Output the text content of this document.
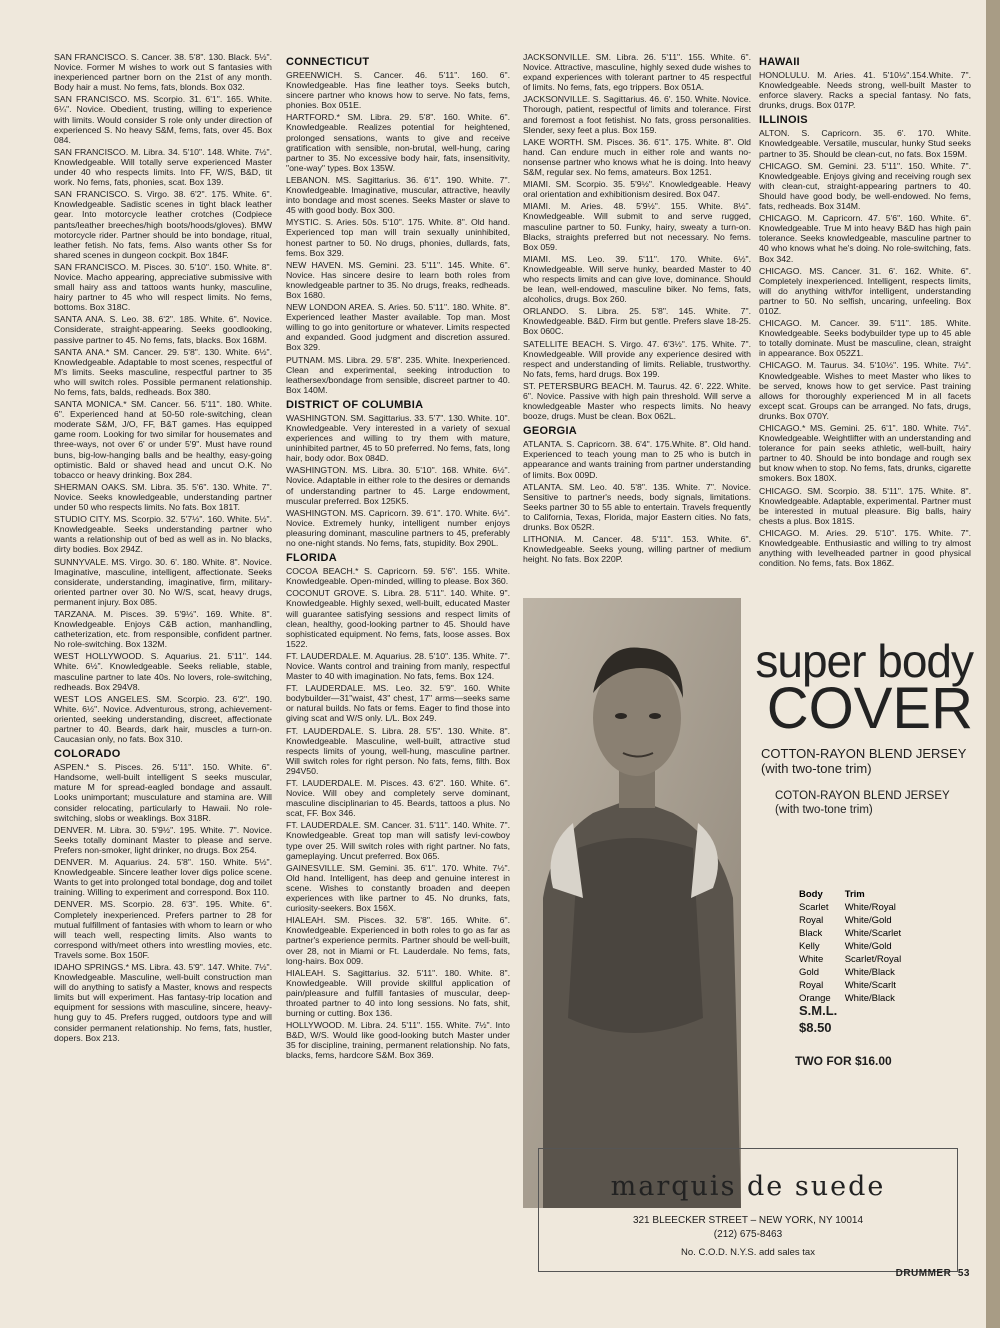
SAN FRANCISCO. S. Cancer. 38. 5'8". 130. Black. 5½". Novice. Former M wishes to work out S fantasies with inexperienced partner born on the 21st of any month. Body hair a must. No fems, fats, blonds. Box 032.
SAN FRANCISCO. MS. Scorpio. 31. 6'1". 165. White. 6¼". Novice. Obedient, trusting, willing to experience with limits. Would consider S role only under direction of experienced S. No heavy S&M, fems, fats, over 45. Box 084.
SAN FRANCISCO. M. Libra. 34. 5'10". 148. White. 7½". Knowledgeable. Will totally serve experienced Master under 40 who respects limits. Into FF, W/S, B&D, tit work. No fems, fats, phonies, scat. Box 139.
SAN FRANCISCO. S. Virgo. 38. 6'2". 175. White. 6". Knowledgeable. Sadistic scenes in tight black leather gear. Into motorcycle leather crotches (Codpiece pants/leather breeches/high boots/hoods/gloves). BMW motorcycle rider. Partner should be into bondage, ritual, leather fetish. No fats, fems. Also wants other Ss for shared scenes in dungeon cockpit. Box 184F.
SAN FRANCISCO. M. Pisces. 30. 5'10". 150. White. 8". Novice. Macho appearing, appreciative submissive with small hairy ass and tattoos wants hunky, masculine, hairy partner to 45 who will respect limits. No fems, bottoms. Box 318C.
SANTA ANA. S. Leo. 38. 6'2". 185. White. 6". Novice. Considerate, straight-appearing. Seeks goodlooking, passive partner to 45. No fems, fats, blacks. Box 168M.
SANTA ANA.* SM. Cancer. 29. 5'8". 130. White. 6½". Knowledgeable. Adaptable to most scenes, respectful of M's limits. Seeks masculine, respectful partner to 35 who will switch roles. Possible permanent relationship. No fems, fats, balds, redheads. Box 380.
SANTA MONICA.* SM. Cancer. 56. 5'11". 180. White. 6". Experienced hand at 50-50 role-switching, clean moderate S&M, J/O, FF, B&T games. Has equipped game room. Looking for two similar for housemates and three-ways, not over 6' or under 5'9". Must have round buns, big-low-hanging balls and be healthy, easy-going optimistic. Bald or shaved head and uncut O.K. No tobacco or heavy drinking. Box 284.
SHERMAN OAKS. SM. Libra. 35. 5'6". 130. White. 7". Novice. Seeks knowledgeable, understanding partner under 50 who respects limits. No fats. Box 181T.
STUDIO CITY. MS. Scorpio. 32. 5'7½". 160. White. 5½". Knowledgeable. Seeks understanding partner who wants a relationship out of bed as well as in. No blacks, dirty bodies. Box 294Z.
SUNNYVALE. MS. Virgo. 30. 6'. 180. White. 8". Novice. Imaginative, masculine, intelligent, affectionate. Seeks considerate, understanding, imaginative, firm, military-oriented partner over 30. No W/S, scat, heavy drugs, permanent injury. Box 085.
TARZANA. M. Pisces. 39. 5'9½". 169. White. 8". Knowledgeable. Enjoys C&B action, manhandling, catheterization, etc. from responsible, confident partner. No role-switching. Box 132M.
WEST HOLLYWOOD. S. Aquarius. 21. 5'11". 144. White. 6½". Knowledgeable. Seeks reliable, stable, masculine partner to late 40s. No lovers, role-switching, redheads. Box 294V8.
WEST LOS ANGELES. SM. Scorpio. 23. 6'2". 190. White. 6½". Novice. Adventurous, strong, achievement-oriented, seeking understanding, discreet, affectionate partner to 40. Beards, dark hair, muscles a turn-on. Caucasian only, no fats. Box 310.
COLORADO
ASPEN.* S. Pisces. 26. 5'11". 150. White. 6". Handsome, well-built intelligent S seeks muscular, mature M for spread-eagled bondage and assault. Looks unimportant; musculature and stamina are. Will consider relocating, particularly to Hawaii. No role-switching, slobs or weaklings. Box 318R.
DENVER. M. Libra. 30. 5'9½". 195. White. 7". Novice. Seeks totally dominant Master to please and serve. Prefers non-smoker, light drinker, no drugs. Box 254.
DENVER. M. Aquarius. 24. 5'8". 150. White. 5½". Knowledgeable. Sincere leather lover digs police scene. Wants to get into prolonged total bondage, dog and toilet training. Willing to experiment and correspond. Box 110.
DENVER. MS. Scorpio. 28. 6'3". 195. White. 6". Completely inexperienced. Prefers partner to 28 for mutual fulfillment of fantasies with whom to learn or who will teach well, respecting limits. Also wants to correspond with/meet others into wrestling movies, etc. Travels some. Box 150F.
IDAHO SPRINGS.* MS. Libra. 43. 5'9". 147. White. 7½". Knowledgeable. Masculine, well-built construction man will do anything to satisfy a Master, knows and respects limits but will experiment. Has fantasy-trip location and equipment for sessions with masculine, sincere, heavy-hung guy to 45. Prefers rugged, outdoors type and will consider permanent relationship. No fems, fats, hustler, dopers. Box 213.
CONNECTICUT
GREENWICH. S. Cancer. 46. 5'11". 160. 6". Knowledgeable. Has fine leather toys. Seeks butch, sincere partner who knows how to serve. No fats, fems, phonies. Box 051E.
HARTFORD.* SM. Libra. 29. 5'8". 160. White. 6". Knowledgeable. Realizes potential for heightened, prolonged sensations, wants to give and receive gratification with sensible, non-brutal, well-hung, caring partner to 35. No excessive body hair, fats, insensitivity, "one-way" types. Box 135W.
LEBANON. MS. Sagittarius. 36. 6'1". 190. White. 7". Knowledgeable. Imaginative, muscular, attractive, heavily into bondage and most scenes. Seeks Master or slave to 45 with good body. Box 300.
MYSTIC. S. Aries. 50s. 5'10". 175. White. 8". Old hand. Experienced top man will train sexually uninhibited, honest partner to 50. No drugs, phonies, dullards, fats, fems. Box 329.
NEW HAVEN. MS. Gemini. 23. 5'11". 145. White. 6". Novice. Has sincere desire to learn both roles from knowledgeable partner to 35. No drugs, freaks, redheads. Box 1680.
NEW LONDON AREA. S. Aries. 50. 5'11". 180. White. 8". Experienced leather Master available. Top man. Most willing to go into genitorture or whatever. Limits respected and expanded. Good judgment and discretion assured. Box 329.
PUTNAM. MS. Libra. 29. 5'8". 235. White. Inexperienced. Clean and experimental, seeking introduction to leathersex/bondage from sensible, discreet partner to 40. Box 140M.
DISTRICT OF COLUMBIA
WASHINGTON. SM. Sagittarius. 33. 5'7". 130. White. 10". Knowledgeable. Very interested in a variety of sexual experiences and willing to try them with mature, uninhibited partner, 45 to 50 preferred. No fems, fats, long hair, body odor. Box 084D.
WASHINGTON. MS. Libra. 30. 5'10". 168. White. 6½". Novice. Adaptable in either role to the desires or demands of understanding partner to 45. Large endowment, muscular preferred. Box 125K5.
WASHINGTON. MS. Capricorn. 39. 6'1". 170. White. 6½". Novice. Extremely hunky, intelligent number enjoys pleasuring dominant, masculine partners to 45, preferably no one-night stands. No fems, fats, stupidity. Box 290L.
FLORIDA
COCOA BEACH.* S. Capricorn. 59. 5'6". 155. White. Knowledgeable. Open-minded, willing to please. Box 360.
COCONUT GROVE. S. Libra. 28. 5'11". 140. White. 9". Knowledgeable. Highly sexed, well-built, educated Master will guarantee satisfying sessions and respect limits of clean, healthy, good-looking partner to 45. Should have sophisticated equipment. No fems, fats, loose asses. Box 1522.
FT. LAUDERDALE. M. Aquarius. 28. 5'10". 135. White. 7". Novice. Wants control and training from manly, respectful Master to 40 with imagination. No fats, fems. Box 124.
FT. LAUDERDALE. MS. Leo. 32. 5'9". 160. White bodybuilder—31"waist, 43" chest, 17" arms—seeks same or natural builds. No fats or fems. Eager to find those into giving scat and W/S only. L/L. Box 249.
FT. LAUDERDALE. S. Libra. 28. 5'5". 130. White. 8". Knowledgeable. Masculine, well-built, attractive stud respects limits of young, well-hung, masculine partner. Will switch roles for right person. No fats, fems, filth. Box 294V50.
FT. LAUDERDALE. M. Pisces. 43. 6'2". 160. White. 6". Novice. Will obey and completely serve dominant, masculine disciplinarian to 45. Beards, tattoos a plus. No scat, FF. Box 346.
FT. LAUDERDALE. SM. Cancer. 31. 5'11". 140. White. 7". Knowledgeable. Great top man will satisfy levi-cowboy type over 25. Will switch roles with right partner. No fats, gameplaying. Uncut preferred. Box 065.
GAINESVILLE. SM. Gemini. 35. 6'1". 170. White. 7½". Old hand. Intelligent, has deep and genuine interest in scene. Wishes to constantly broaden and deepen experiences with like partner to 45. No drunks, fats, curiosity-seekers. Box 156X.
HIALEAH. SM. Pisces. 32. 5'8". 165. White. 6". Knowledgeable. Experienced in both roles to go as far as partner's experience permits. Partner should be well-built, over 28, not in Miami or Ft. Lauderdale. No fems, fats, long-hairs. Box 009.
HIALEAH. S. Sagittarius. 32. 5'11". 180. White. 8". Knowledgeable. Will provide skillful application of pain/pleasure and fulfill fantasies of muscular, deep-throated partner to 40 into long sessions. No fats, shit, burning or cutting. Box 136.
HOLLYWOOD. M. Libra. 24. 5'11". 155. White. 7½". Into B&D, W/S. Would like good-looking butch Master under 35 for discipline, training, permanent relationship. No fats, blacks, fems, hardcore S&M. Box 369.
JACKSONVILLE. SM. Libra. 26. 5'11". 155. White. 6". Novice. Attractive, masculine, highly sexed dude wishes to expand experiences with tolerant partner to 45 respectful of limits. No fems, fats, ego trippers. Box 051A.
JACKSONVILLE. S. Sagittarius. 46. 6'. 150. White. Novice. Thorough, patient, respectful of limits and tolerance. First and foremost a foot fetishist. No fats, gross personalities. Slender, sexy feet a plus. Box 159.
LAKE WORTH. SM. Pisces. 36. 6'1". 175. White. 8". Old hand. Can endure much in either role and wants no-nonsense partner who knows what he is doing. Into heavy S&M, regular sex. No fems, amateurs. Box 1251.
MIAMI. SM. Scorpio. 35. 5'9½". Knowledgeable. Heavy oral orientation and exhibitionism desired. Box 047.
MIAMI. M. Aries. 48. 5'9½". 155. White. 8½". Knowledgeable. Will submit to and serve rugged, masculine partner to 50. Funky, hairy, sweaty a turn-on. Blacks, straights preferred but not necessary. No fems. Box 059.
MIAMI. MS. Leo. 39. 5'11". 170. White. 6½". Knowledgeable. Will serve hunky, bearded Master to 40 who respects limits and can give love, dominance. Should be lean, well-endowed, masculine biker. No fems, fats, alcoholics, drugs. Box 260.
ORLANDO. S. Libra. 25. 5'8". 145. White. 7". Knowledgeable. B&D. Firm but gentle. Prefers slave 18-25. Box 060C.
SATELLITE BEACH. S. Virgo. 47. 6'3½". 175. White. 7". Knowledgeable. Will provide any experience desired with respect and understanding of limits. Reliable, trustworthy. No fats, fems, hard drugs. Box 199.
ST. PETERSBURG BEACH. M. Taurus. 42. 6'. 222. White. 6". Novice. Passive with high pain threshold. Will serve a knowledgeable Master who respects limits. No heavy booze, drugs. Must be clean. Box 062L.
GEORGIA
ATLANTA. S. Capricorn. 38. 6'4". 175.White. 8". Old hand. Experienced to teach young man to 25 who is butch in appearance and wants training from partner understanding of limits. Box 009D.
ATLANTA. SM. Leo. 40. 5'8". 135. White. 7". Novice. Sensitive to partner's needs, body signals, limitations. Seeks partner 30 to 55 able to entertain. Travels frequently to California, Texas, Florida, major Eastern cities. No fats, drunks. Box 052R.
LITHONIA. M. Cancer. 48. 5'11". 153. White. 6". Knowledgeable. Seeks young, willing partner of medium height. No fats. Box 220P.
HAWAII
HONOLULU. M. Aries. 41. 5'10½".154.White. 7". Knowledgeable. Needs strong, well-built Master to enforce slavery. Racks a special fantasy. No fats, drunks, drugs. Box 017P.
ILLINOIS
ALTON. S. Capricorn. 35. 6'. 170. White. Knowledgeable. Versatile, muscular, hunky Stud seeks partner to 35. Should be clean-cut, no fats. Box 159M.
CHICAGO. SM. Gemini. 23. 5'11". 150. White. 7". Knowledgeable. Enjoys giving and receiving rough sex with clean-cut, straight-appearing partners to 40. Should have good body, be well-endowed. No fems, fats, redheads. Box 314M.
CHICAGO. M. Capricorn. 47. 5'6". 160. White. 6". Knowledgeable. True M into heavy B&D has high pain tolerance. Seeks knowledgeable, masculine partner to 40 who knows what he's doing. No role-switching, fats. Box 342.
CHICAGO. MS. Cancer. 31. 6'. 162. White. 6". Completely inexperienced. Intelligent, respects limits, will do anything with/for intelligent, understanding partner to 50. No selfish, uncaring, unfeeling. Box 010Z.
CHICAGO. M. Cancer. 39. 5'11". 185. White. Knowledgeable. Seeks bodybuilder type up to 45 able to totally dominate. Must be masculine, clean, straight in appearance. Box 052Z1.
CHICAGO. M. Taurus. 34. 5'10½". 195. White. 7½". Knowledgeable. Wishes to meet Master who likes to be served, knows how to get service. Past training allows for thoroughly experienced M in all facets except scat. Groups can be arranged. No fats, drugs, drunks. Box 070Y.
CHICAGO.* MS. Gemini. 25. 6'1". 180. White. 7½". Knowledgeable. Weightlifter with an understanding and tolerance for pain seeks athletic, well-built, hairy partner to 40. Should be into bondage and rough sex but know when to stop. No fems, fats, drunks, cigarette smokers. Box 180X.
CHICAGO. SM. Scorpio. 38. 5'11". 175. White. 8". Knowledgeable. Adaptable, experimental. Partner must be interested in mutual pleasure. Big balls, hairy chests a plus. Box 181S.
CHICAGO. M. Aries. 29. 5'10". 175. White. 7". Knowledgeable. Enthusiastic and willing to try almost anything with levelheaded partner in good physical condition. No fems, fats. Box 186Z.
super body
COVER
COTTON-RAYON BLEND JERSEY
(with two-tone trim)
COTON-RAYON BLEND JERSEY
(with two-tone trim)
Body	Trim
Scarlet	White/Royal
Royal	White/Gold
Black	White/Scarlet
Kelly	White/Gold
White	Scarlet/Royal
Gold	White/Black
Royal	White/Scarlt
Orange	White/Black
S.M.L.
$8.50
TWO FOR $16.00
marquis de suede
321 BLEECKER STREET – NEW YORK, NY 10014
(212) 675-8463
No. C.O.D. N.Y.S. add sales tax
DRUMMER 53
